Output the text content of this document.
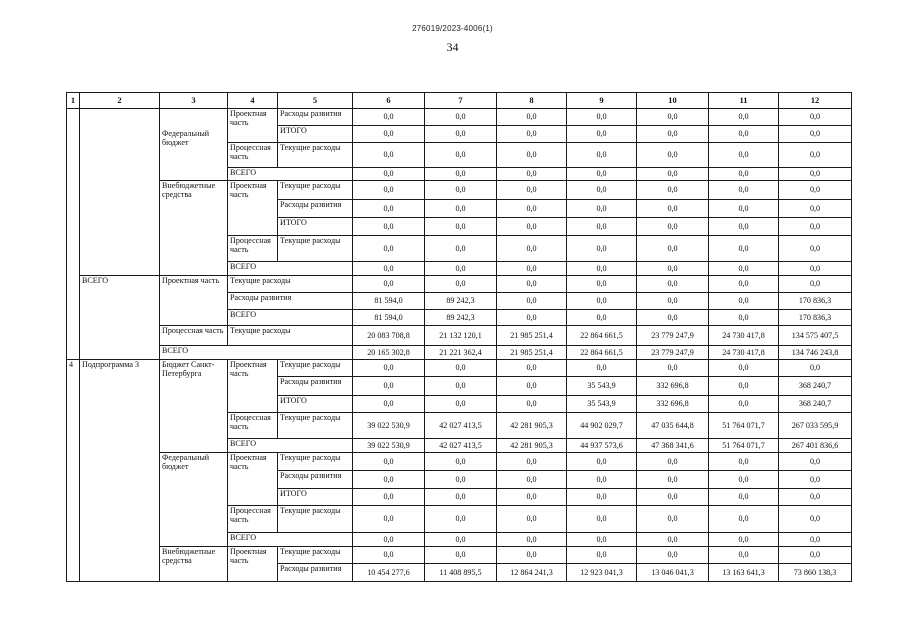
276019/2023-4006(1)
34
1	2	3	4	5	6	7	8	9	10	11	12
		Федеральный бюджет	Проектная часть	Расходы развития	0,0	0,0	0,0	0,0	0,0	0,0	0,0
				ИТОГО	0,0	0,0	0,0	0,0	0,0	0,0	0,0
			Процессная часть	Текущие расходы	0,0	0,0	0,0	0,0	0,0	0,0	0,0
			ВСЕГО		0,0	0,0	0,0	0,0	0,0	0,0	0,0
		Внебюджетные средства	Проектная часть	Текущие расходы	0,0	0,0	0,0	0,0	0,0	0,0	0,0
				Расходы развития	0,0	0,0	0,0	0,0	0,0	0,0	0,0
				ИТОГО	0,0	0,0	0,0	0,0	0,0	0,0	0,0
			Процессная часть	Текущие расходы	0,0	0,0	0,0	0,0	0,0	0,0	0,0
			ВСЕГО		0,0	0,0	0,0	0,0	0,0	0,0	0,0
	ВСЕГО	Проектная часть	Текущие расходы		0,0	0,0	0,0	0,0	0,0	0,0	0,0
			Расходы развития		81 594,0	89 242,3	0,0	0,0	0,0	0,0	170 836,3
			ВСЕГО		81 594,0	89 242,3	0,0	0,0	0,0	0,0	170 836,3
		Процессная часть	Текущие расходы		20 083 708,8	21 132 120,1	21 985 251,4	22 864 661,5	23 779 247,9	24 730 417,8	134 575 407,5
		ВСЕГО			20 165 302,8	21 221 362,4	21 985 251,4	22 864 661,5	23 779 247,9	24 730 417,8	134 746 243,8
4	Подпрограмма 3	Бюджет Санкт-Петербурга	Проектная часть	Текущие расходы	0,0	0,0	0,0	0,0	0,0	0,0	0,0
				Расходы развития	0,0	0,0	0,0	35 543,9	332 696,8	0,0	368 240,7
				ИТОГО	0,0	0,0	0,0	35 543,9	332 696,8	0,0	368 240,7
			Процессная часть	Текущие расходы	39 022 530,9	42 027 413,5	42 281 905,3	44 902 029,7	47 035 644,8	51 764 071,7	267 033 595,9
			ВСЕГО		39 022 530,9	42 027 413,5	42 281 905,3	44 937 573,6	47 368 341,6	51 764 071,7	267 401 836,6
		Федеральный бюджет	Проектная часть	Текущие расходы	0,0	0,0	0,0	0,0	0,0	0,0	0,0
				Расходы развития	0,0	0,0	0,0	0,0	0,0	0,0	0,0
				ИТОГО	0,0	0,0	0,0	0,0	0,0	0,0	0,0
			Процессная часть	Текущие расходы	0,0	0,0	0,0	0,0	0,0	0,0	0,0
			ВСЕГО		0,0	0,0	0,0	0,0	0,0	0,0	0,0
		Внебюджетные средства	Проектная часть	Текущие расходы	0,0	0,0	0,0	0,0	0,0	0,0	0,0
				Расходы развития	10 454 277,6	11 408 895,5	12 864 241,3	12 923 041,3	13 046 041,3	13 163 641,3	73 860 138,3
